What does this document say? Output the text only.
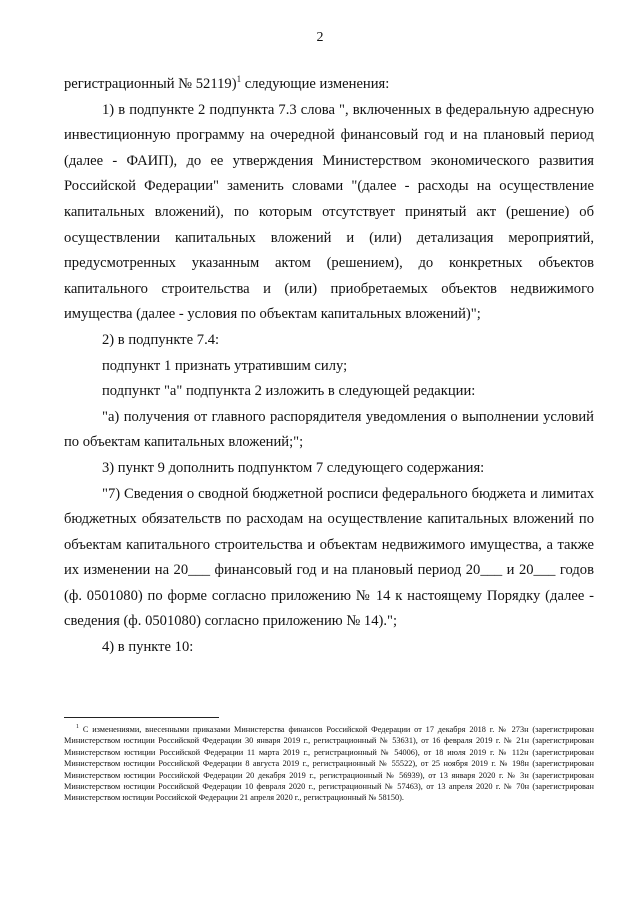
2

регистрационный № 52119)$^1$ следующие изменения:

1) в подпункте 2 подпункта 7.3 слова ", включенных в федеральную адресную инвестиционную программу на очередной финансовый год и на плановый период (далее - ФАИП), до ее утверждения Министерством экономического развития Российской Федерации" заменить словами "(далее - расходы на осуществление капитальных вложений), по которым отсутствует принятый акт (решение) об осуществлении капитальных вложений и (или) детализация мероприятий, предусмотренных указанным актом (решением), до конкретных объектов капитального строительства и (или) приобретаемых объектов недвижимого имущества (далее - условия по объектам капитальных вложений)";

2) в подпункте 7.4:

подпункт 1 признать утратившим силу;

подпункт "а" подпункта 2 изложить в следующей редакции:

"а) получения от главного распорядителя уведомления о выполнении условий по объектам капитальных вложений;";

3) пункт 9 дополнить подпунктом 7 следующего содержания:

"7) Сведения о сводной бюджетной росписи федерального бюджета и лимитах бюджетных обязательств по расходам на осуществление капитальных вложений по объектам капитального строительства и объектам недвижимого имущества, а также их изменении на 20___ финансовый год и на плановый период 20___ и 20___ годов (ф. 0501080) по форме согласно приложению № 14 к настоящему Порядку (далее - сведения (ф. 0501080) согласно приложению № 14).";

4) в пункте 10:

$^1$ С изменениями, внесенными приказами Министерства финансов Российской Федерации от 17 декабря 2018 г. № 273н (зарегистрирован Министерством юстиции Российской Федерации 30 января 2019 г., регистрационный № 53631), от 16 февраля 2019 г. № 21н (зарегистрирован Министерством юстиции Российской Федерации 11 марта 2019 г., регистрационный № 54006), от 18 июля 2019 г. № 112н (зарегистрирован Министерством юстиции Российской Федерации 8 августа 2019 г., регистрационный № 55522), от 25 ноября 2019 г. № 198н (зарегистрирован Министерством юстиции Российской Федерации 20 декабря 2019 г., регистрационный № 56939), от 13 января 2020 г. № 3н (зарегистрирован Министерством юстиции Российской Федерации 10 февраля 2020 г., регистрационный № 57463), от 13 апреля 2020 г. № 70н (зарегистрирован Министерством юстиции Российской Федерации 21 апреля 2020 г., регистрационный № 58150).
